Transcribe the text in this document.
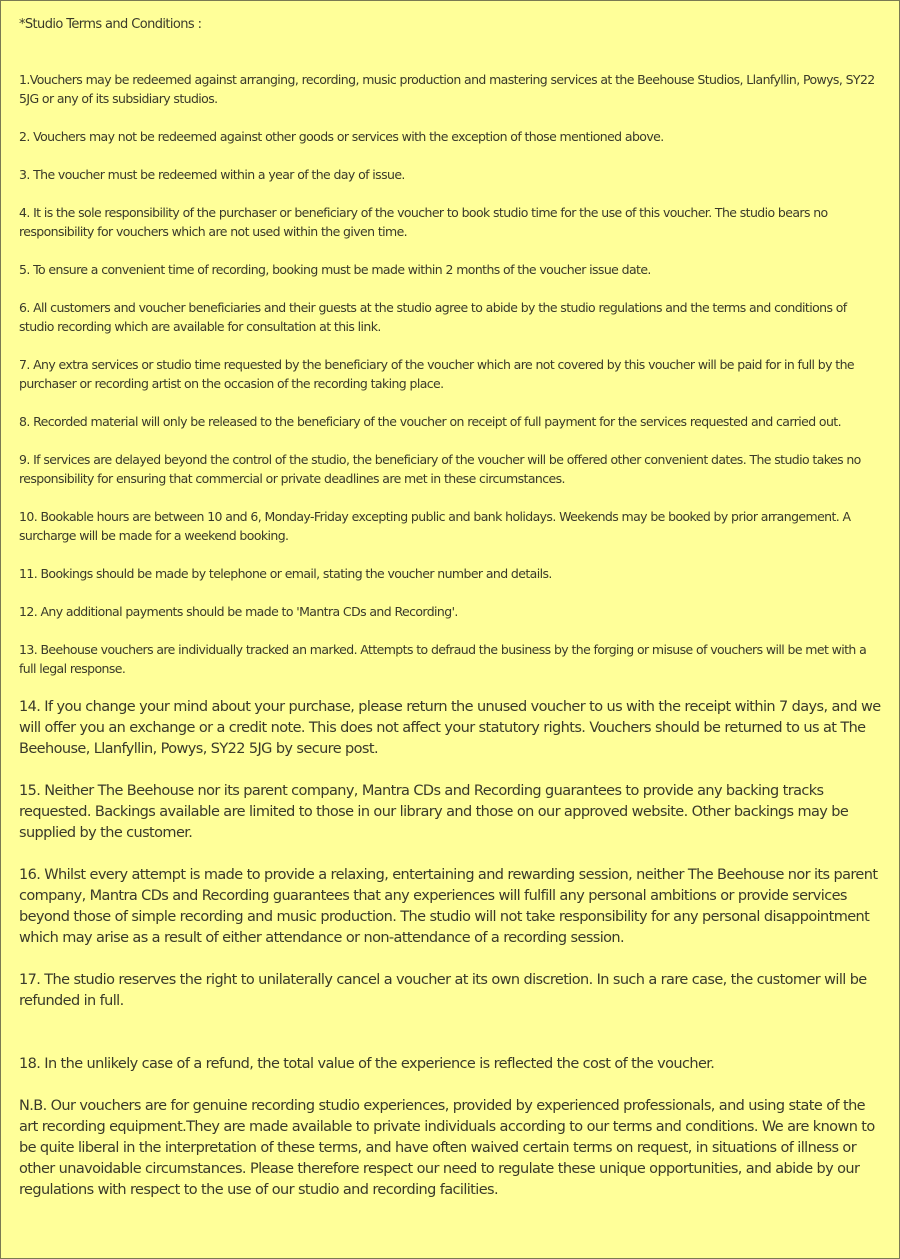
*Studio Terms and Conditions :

1.Vouchers may be redeemed against arranging, recording, music production and mastering services at the Beehouse Studios, Llanfyllin, Powys, SY22 5JG or any of its subsidiary studios.

2. Vouchers may not be redeemed against other goods or services with the exception of those mentioned above.

3. The voucher must be redeemed within a year of the day of issue.

4. It is the sole responsibility of the purchaser or beneficiary of the voucher to book studio time for the use of this voucher. The studio bears no responsibility for vouchers which are not used within the given time.

5. To ensure a convenient time of recording, booking must be made within 2 months of the voucher issue date.

6. All customers and voucher beneficiaries and their guests at the studio agree to abide by the studio regulations and the terms and conditions of studio recording which are available for consultation at this link.

7. Any extra services or studio time requested by the beneficiary of the voucher which are not covered by this voucher will be paid for in full by the purchaser or recording artist on the occasion of the recording taking place.

8. Recorded material will only be released to the beneficiary of the voucher on receipt of full payment for the services requested and carried out.

9. If services are delayed beyond the control of the studio, the beneficiary of the voucher will be offered other convenient dates. The studio takes no responsibility for ensuring that commercial or private deadlines are met in these circumstances.

10. Bookable hours are between 10 and 6, Monday-Friday excepting public and bank holidays. Weekends may be booked by prior arrangement. A surcharge will be made for a weekend booking.

11. Bookings should be made by telephone or email, stating the voucher number and details.

12. Any additional payments should be made to 'Mantra CDs and Recording'.

13. Beehouse vouchers are individually tracked an marked. Attempts to defraud the business by the forging or misuse of vouchers will be met with a full legal response.

14. If you change your mind about your purchase, please return the unused voucher to us with the receipt within 7 days, and we will offer you an exchange or a credit note. This does not affect your statutory rights. Vouchers should be returned to us at The Beehouse, Llanfyllin, Powys, SY22 5JG by secure post.

15. Neither The Beehouse nor its parent company, Mantra CDs and Recording guarantees to provide any backing tracks requested. Backings available are limited to those in our library and those on our approved website. Other backings may be supplied by the customer.

16. Whilst every attempt is made to provide a relaxing, entertaining and rewarding session, neither The Beehouse nor its parent company, Mantra CDs and Recording guarantees that any experiences will fulfill any personal ambitions or provide services beyond those of simple recording and music production. The studio will not take responsibility for any personal disappointment which may arise as a result of either attendance or non-attendance of a recording session.

17. The studio reserves the right to unilaterally cancel a voucher at its own discretion. In such a rare case, the customer will be refunded in full.

18. In the unlikely case of a refund, the total value of the experience is reflected the cost of the voucher.

N.B. Our vouchers are for genuine recording studio experiences, provided by experienced professionals, and using state of the art recording equipment.They are made available to private individuals according to our terms and conditions. We are known to be quite liberal in the interpretation of these terms, and have often waived certain terms on request, in situations of illness or other unavoidable circumstances. Please therefore respect our need to regulate these unique opportunities, and abide by our regulations with respect to the use of our studio and recording facilities.
